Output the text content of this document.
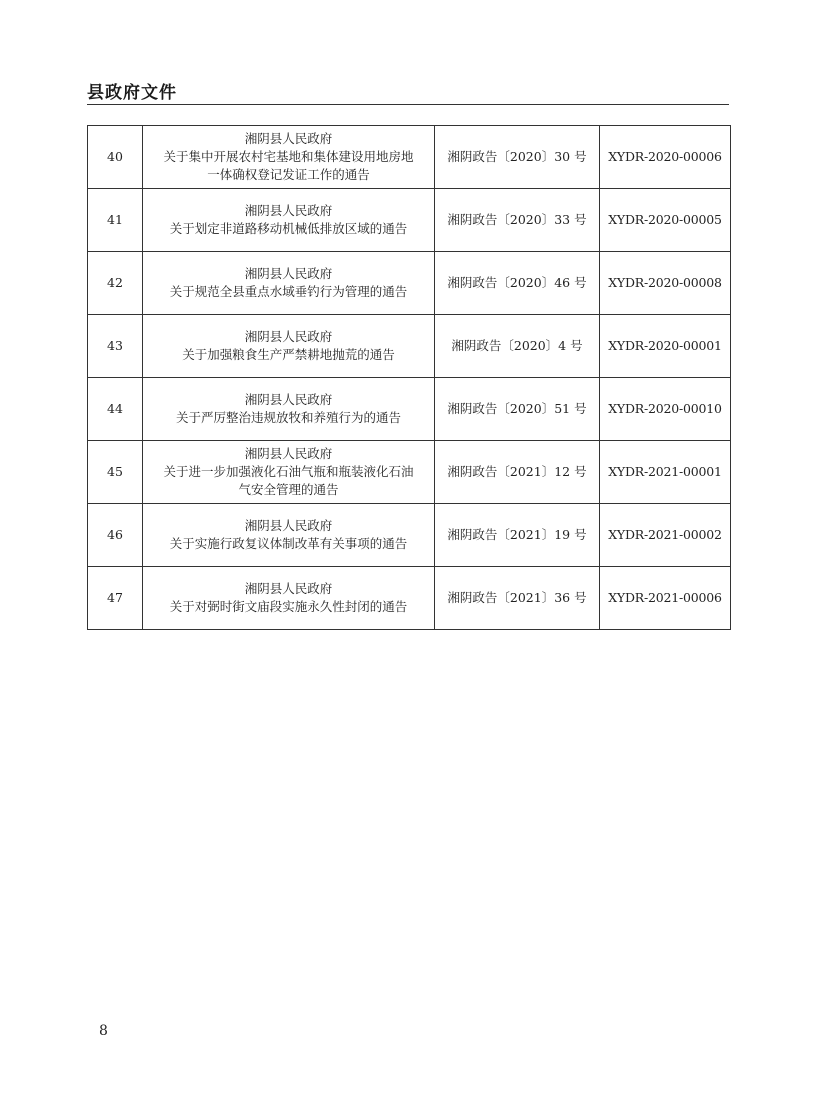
县政府文件
40	湘阴县人民政府
关于集中开展农村宅基地和集体建设用地房地
一体确权登记发证工作的通告	湘阴政告〔2020〕30 号	XYDR-2020-00006
41	湘阴县人民政府
关于划定非道路移动机械低排放区域的通告	湘阴政告〔2020〕33 号	XYDR-2020-00005
42	湘阴县人民政府
关于规范全县重点水域垂钓行为管理的通告	湘阴政告〔2020〕46 号	XYDR-2020-00008
43	湘阴县人民政府
关于加强粮食生产严禁耕地抛荒的通告	湘阴政告〔2020〕4 号	XYDR-2020-00001
44	湘阴县人民政府
关于严厉整治违规放牧和养殖行为的通告	湘阴政告〔2020〕51 号	XYDR-2020-00010
45	湘阴县人民政府
关于进一步加强液化石油气瓶和瓶装液化石油
气安全管理的通告	湘阴政告〔2021〕12 号	XYDR-2021-00001
46	湘阴县人民政府
关于实施行政复议体制改革有关事项的通告	湘阴政告〔2021〕19 号	XYDR-2021-00002
47	湘阴县人民政府
关于对弼时街文庙段实施永久性封闭的通告	湘阴政告〔2021〕36 号	XYDR-2021-00006
8
